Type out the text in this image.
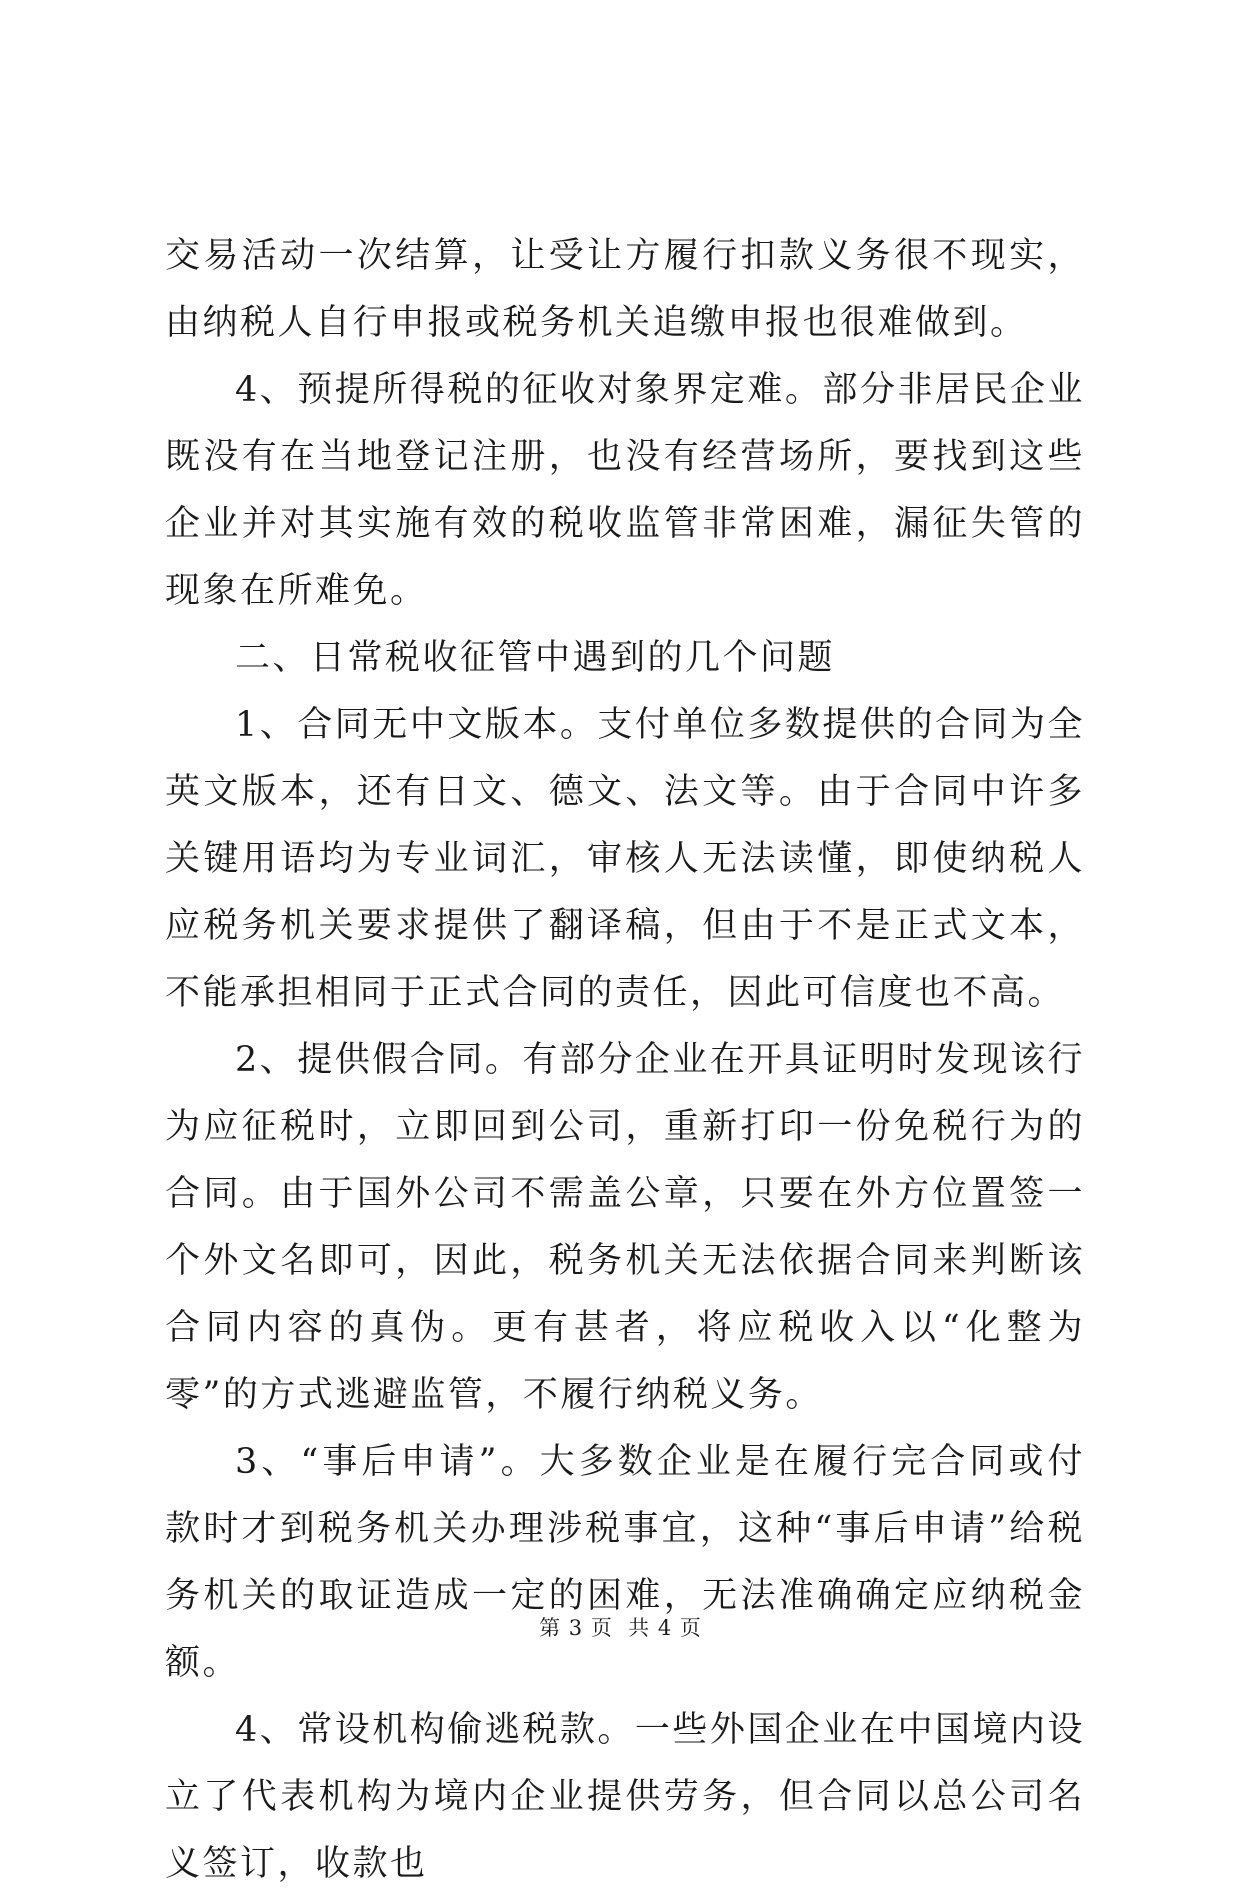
交易活动一次结算，让受让方履行扣款义务很不现实，由纳税人自行申报或税务机关追缴申报也很难做到。

4、预提所得税的征收对象界定难。部分非居民企业既没有在当地登记注册，也没有经营场所，要找到这些企业并对其实施有效的税收监管非常困难，漏征失管的现象在所难免。

二、日常税收征管中遇到的几个问题

1、合同无中文版本。支付单位多数提供的合同为全英文版本，还有日文、德文、法文等。由于合同中许多关键用语均为专业词汇，审核人无法读懂，即使纳税人应税务机关要求提供了翻译稿，但由于不是正式文本，不能承担相同于正式合同的责任，因此可信度也不高。

2、提供假合同。有部分企业在开具证明时发现该行为应征税时，立即回到公司，重新打印一份免税行为的合同。由于国外公司不需盖公章，只要在外方位置签一个外文名即可，因此，税务机关无法依据合同来判断该合同内容的真伪。更有甚者，将应税收入以“化整为零”的方式逃避监管，不履行纳税义务。

3、“事后申请”。大多数企业是在履行完合同或付款时才到税务机关办理涉税事宜，这种“事后申请”给税务机关的取证造成一定的困难，无法准确确定应纳税金额。

4、常设机构偷逃税款。一些外国企业在中国境内设立了代表机构为境内企业提供劳务，但合同以总公司名义签订，收款也

第 3 页  共 4 页
